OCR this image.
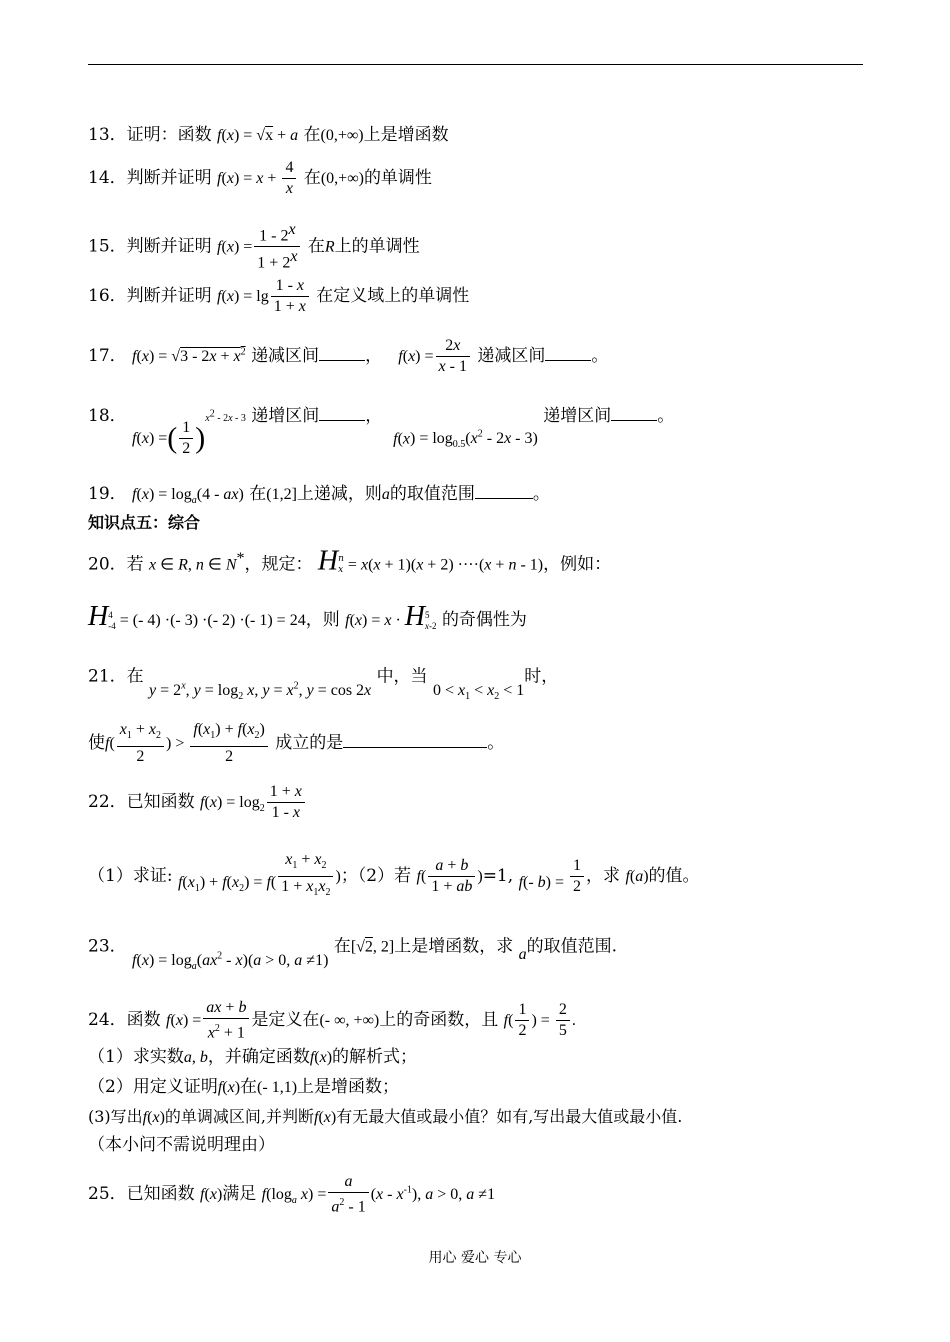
13．证明：函数 f(x) = √x + a 在(0,+∞)上是增函数
14．判断并证明 $f(x) = x + \frac{4}{x}$ 在(0,+∞)的单调性
15．判断并证明 $f(x) = \frac{1 - 2^x}{1 + 2^x}$ 在R上的单调性
16．判断并证明 $f(x) = \lg \frac{1 - x}{1 + x}$ 在定义域上的单调性
17． $f(x) = √3 - 2x + x^2$ 递减区间	， $f(x) = \frac{2x}{x - 1}$ 递减区间	。
18． f(x) =( $\frac{1}{2} )^{x^2 - 2x - 3}$ 递增区间	，  $f(x) = \log_{0.5}(x^2 - 2x - 3)$ 递增区间	。
19． $f(x) = \log_a(4 - ax)$ 在(1,2]上递减，则a的取值范围	。
知识点五：综合
20．若 x ∈ R, n ∈ N*，规定： H n
x = x(x + 1)(x + 2) ····(x + n - 1)，例如：
H 4
-4 = (- 4) ·(- 3) ·(- 2) ·(- 1) = 24，则 f(x) = x · H 5
x-2 的奇偶性为
21．在 $y = 2^x$, $y = \log_2 x$, $y = x^2$, y = cos 2x 中，当 $0 < x_1 < x_2 < 1$时，
使$f( \frac{x_1 + x_2}{2}$ ) > $\frac{f(x_1) + f(x_2)}{2}$ 成立的是	。
22．已知函数 $f(x) = \log_2 \frac{1 + x}{1 - x}$
（1）求证: $f(x_1) + f(x_2) = f( \frac{x_1 + x_2}{1 + x_1x_2}$ )；（2）若 $f( \frac{a + b}{1 + ab} )=1$, f(- $b) = \frac{1}{2}$ ，求 f(a)的值。
23． $f(x) = \log_a(ax^2 - x)(a > 0$, a ≠1) 在[√2, 2]上是增函数，求 a的取值范围.
24．函数 $f(x) = \frac{ax + b}{x^2 + 1}$ 是定义在(- ∞, +∞)上的奇函数，且 $f( \frac{1}{2}$ ) = $\frac{2}{5}$ .
（1）求实数a, b，并确定函数f(x)的解析式；
（2）用定义证明f(x)在(- 1,1)上是增函数；
(3)写出f(x)的单调减区间,并判断f(x)有无最大值或最小值？如有,写出最大值或最小值.
（本小问不需说明理由）
25．已知函数 f(x)满足 $f(\log_a$ $x) = \frac{a}{a^2 - 1} (x - x^{-1})$, a > 0, a ≠1
用心 爱心 专心
